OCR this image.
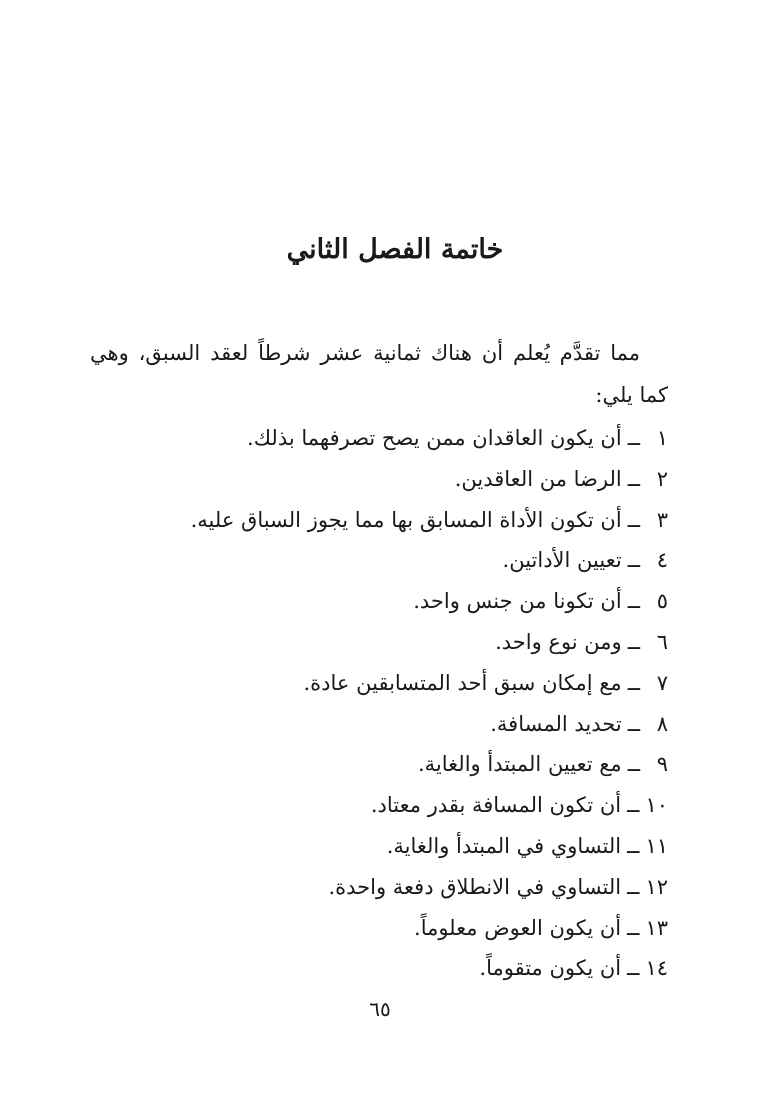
خاتمة الفصل الثاني

مما تقدَّم يُعلم أن هناك ثمانية عشر شرطاً لعقد السبق، وهي كما يلي:

١ــأن يكون العاقدان ممن يصح تصرفهما بذلك.
٢ــالرضا من العاقدين.
٣ــأن تكون الأداة المسابق بها مما يجوز السباق عليه.
٤ــتعيين الأداتين.
٥ــأن تكونا من جنس واحد.
٦ــومن نوع واحد.
٧ــمع إمكان سبق أحد المتسابقين عادة.
٨ــتحديد المسافة.
٩ــمع تعيين المبتدأ والغاية.
١٠ــأن تكون المسافة بقدر معتاد.
١١ــالتساوي في المبتدأ والغاية.
١٢ــالتساوي في الانطلاق دفعة واحدة.
١٣ــأن يكون العوض معلوماً.
١٤ــأن يكون متقوماً.
٦٥
